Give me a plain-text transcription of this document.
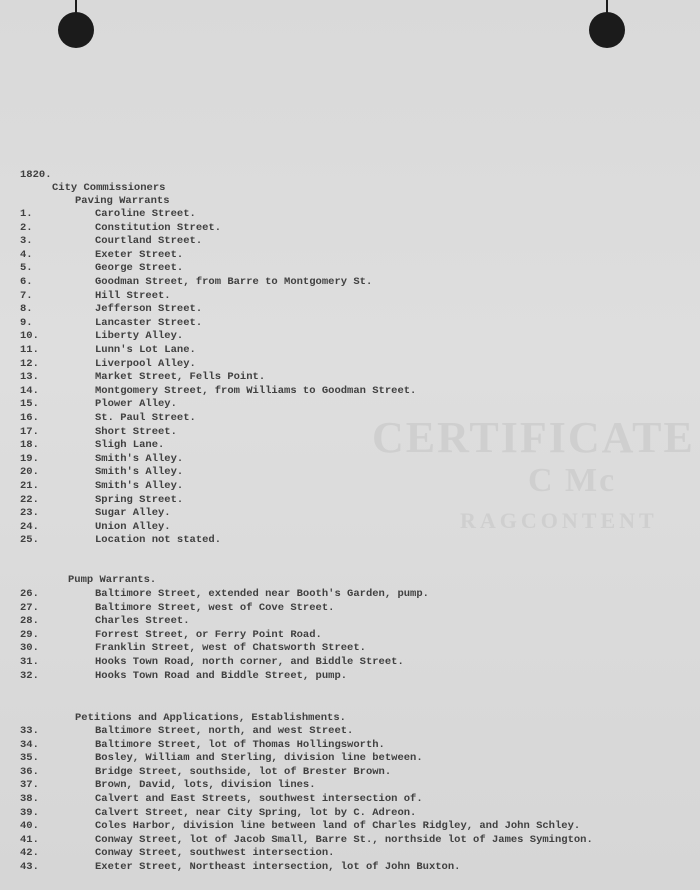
CERTIFICATE
C Mc
RAGCONTENT
1820.
City Commissioners
Paving Warrants
Pump Warrants.
Petitions and Applications, Establishments.
1.	Caroline Street.
2.	Constitution Street.
3.	Courtland Street.
4.	Exeter Street.
5.	George Street.
6.	Goodman Street, from Barre to Montgomery St.
7.	Hill Street.
8.	Jefferson Street.
9.	Lancaster Street.
10.	Liberty Alley.
11.	Lunn's Lot Lane.
12.	Liverpool Alley.
13.	Market Street, Fells Point.
14.	Montgomery Street, from Williams to Goodman Street.
15.	Plower Alley.
16.	St. Paul Street.
17.	Short Street.
18.	Sligh Lane.
19.	Smith's Alley.
20.	Smith's Alley.
21.	Smith's Alley.
22.	Spring Street.
23.	Sugar Alley.
24.	Union Alley.
25.	Location not stated.
26.	Baltimore Street, extended near Booth's Garden, pump.
27.	Baltimore Street, west of Cove Street.
28.	Charles Street.
29.	Forrest Street, or Ferry Point Road.
30.	Franklin Street, west of Chatsworth Street.
31.	Hooks Town Road, north corner, and Biddle Street.
32.	Hooks Town Road and Biddle Street, pump.
33.	Baltimore Street, north, and west Street.
34.	Baltimore Street, lot of Thomas Hollingsworth.
35.	Bosley, William and Sterling, division line between.
36.	Bridge Street, southside, lot of Brester Brown.
37.	Brown, David, lots, division lines.
38.	Calvert and East Streets, southwest intersection of.
39.	Calvert Street, near City Spring, lot by C. Adreon.
40.	Coles Harbor, division line between land of Charles Ridgley, and John Schley.
41.	Conway Street, lot of Jacob Small, Barre St., northside lot of James Symington.
42.	Conway Street, southwest intersection.
43.	Exeter Street, Northeast intersection, lot of John Buxton.
